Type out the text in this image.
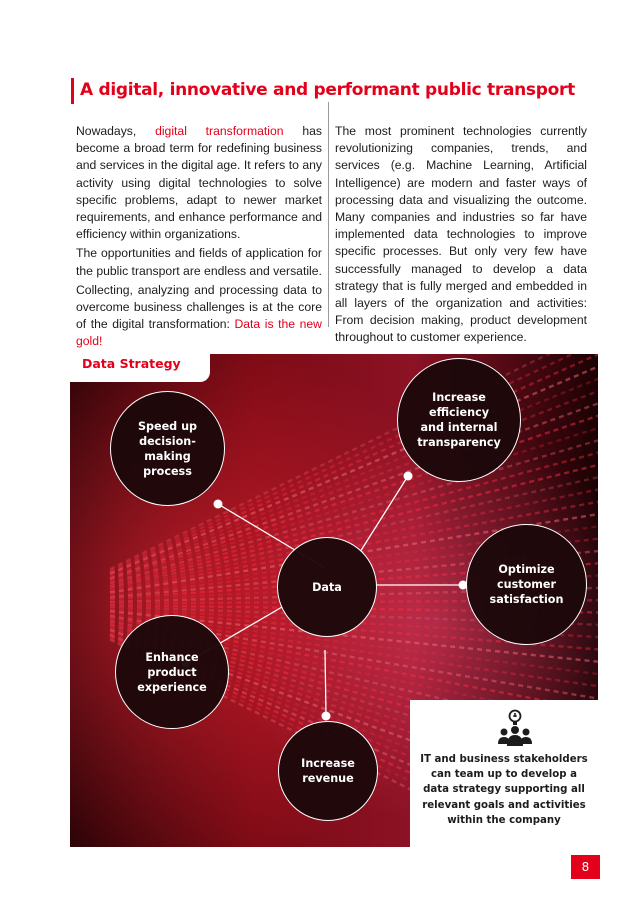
A digital, innovative and performant public transport

Nowadays, digital transformation has become a broad term for redefining business and services in the digital age. It refers to any activity using digital technologies to solve specific problems, adapt to newer market requirements, and enhance performance and efficiency within organizations.

The opportunities and fields of application for the public transport are endless and versatile.

Collecting, analyzing and processing data to overcome business challenges is at the core of the digital transformation: Data is the new gold!

The most prominent technologies currently revolutionizing companies, trends, and services (e.g. Machine Learning, Artificial Intelligence) are modern and faster ways of processing data and visualizing the outcome. Many companies and industries so far have implemented data technologies to improve specific processes. But only very few have successfully managed to develop a data strategy that is fully merged and embedded in all layers of the organization and activities: From decision making, product development throughout to customer experience.

Data Strategy
Speed up decision-making process
Increase efficiency and internal transparency
Data
Optimize customer satisfaction
Enhance product experience
Increase revenue
IT and business stakeholders can team up to develop a data strategy supporting all relevant goals and activities within the company
8
